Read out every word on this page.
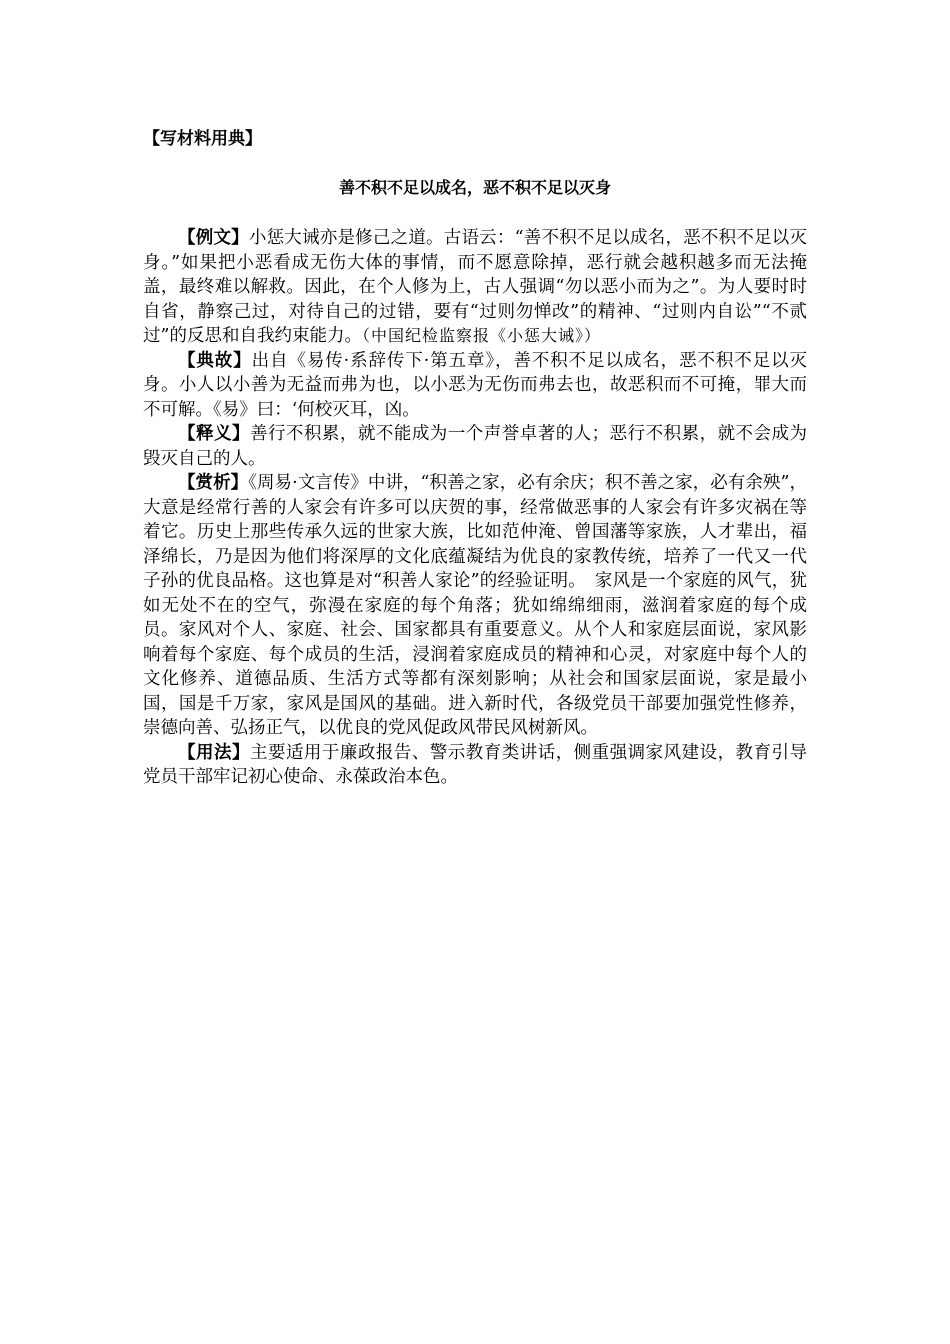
【写材料用典】
善不积不足以成名，恶不积不足以灭身

【例文】小惩大诫亦是修己之道。古语云：“善不积不足以成名，恶不积不足以灭身。”如果把小恶看成无伤大体的事情，而不愿意除掉，恶行就会越积越多而无法掩盖，最终难以解救。因此，在个人修为上，古人强调“勿以恶小而为之”。为人要时时自省，静察己过，对待自己的过错，要有“过则勿惮改”的精神、“过则内自讼”“不贰过”的反思和自我约束能力。（中国纪检监察报《小惩大诫》）

【典故】出自《易传·系辞传下·第五章》，善不积不足以成名，恶不积不足以灭身。小人以小善为无益而弗为也，以小恶为无伤而弗去也，故恶积而不可掩，罪大而不可解。《易》曰：‘何校灭耳，凶。

【释义】善行不积累，就不能成为一个声誉卓著的人；恶行不积累，就不会成为毁灭自己的人。

【赏析】《周易·文言传》中讲，“积善之家，必有余庆；积不善之家，必有余殃”， 大意是经常行善的人家会有许多可以庆贺的事，经常做恶事的人家会有许多灾祸在等着它。历史上那些传承久远的世家大族，比如范仲淹、曾国藩等家族，人才辈出，福泽绵长，乃是因为他们将深厚的文化底蕴凝结为优良的家教传统，培养了一代又一代子孙的优良品格。这也算是对“积善人家论”的经验证明。　家风是一个家庭的风气，犹如无处不在的空气，弥漫在家庭的每个角落；犹如绵绵细雨，滋润着家庭的每个成员。家风对个人、家庭、社会、国家都具有重要意义。从个人和家庭层面说，家风影响着每个家庭、每个成员的生活，浸润着家庭成员的精神和心灵，对家庭中每个人的文化修养、道德品质、生活方式等都有深刻影响；从社会和国家层面说，家是最小国，国是千万家，家风是国风的基础。进入新时代，各级党员干部要加强党性修养，崇德向善、弘扬正气，以优良的党风促政风带民风树新风。

【用法】主要适用于廉政报告、警示教育类讲话，侧重强调家风建设，教育引导党员干部牢记初心使命、永葆政治本色。
